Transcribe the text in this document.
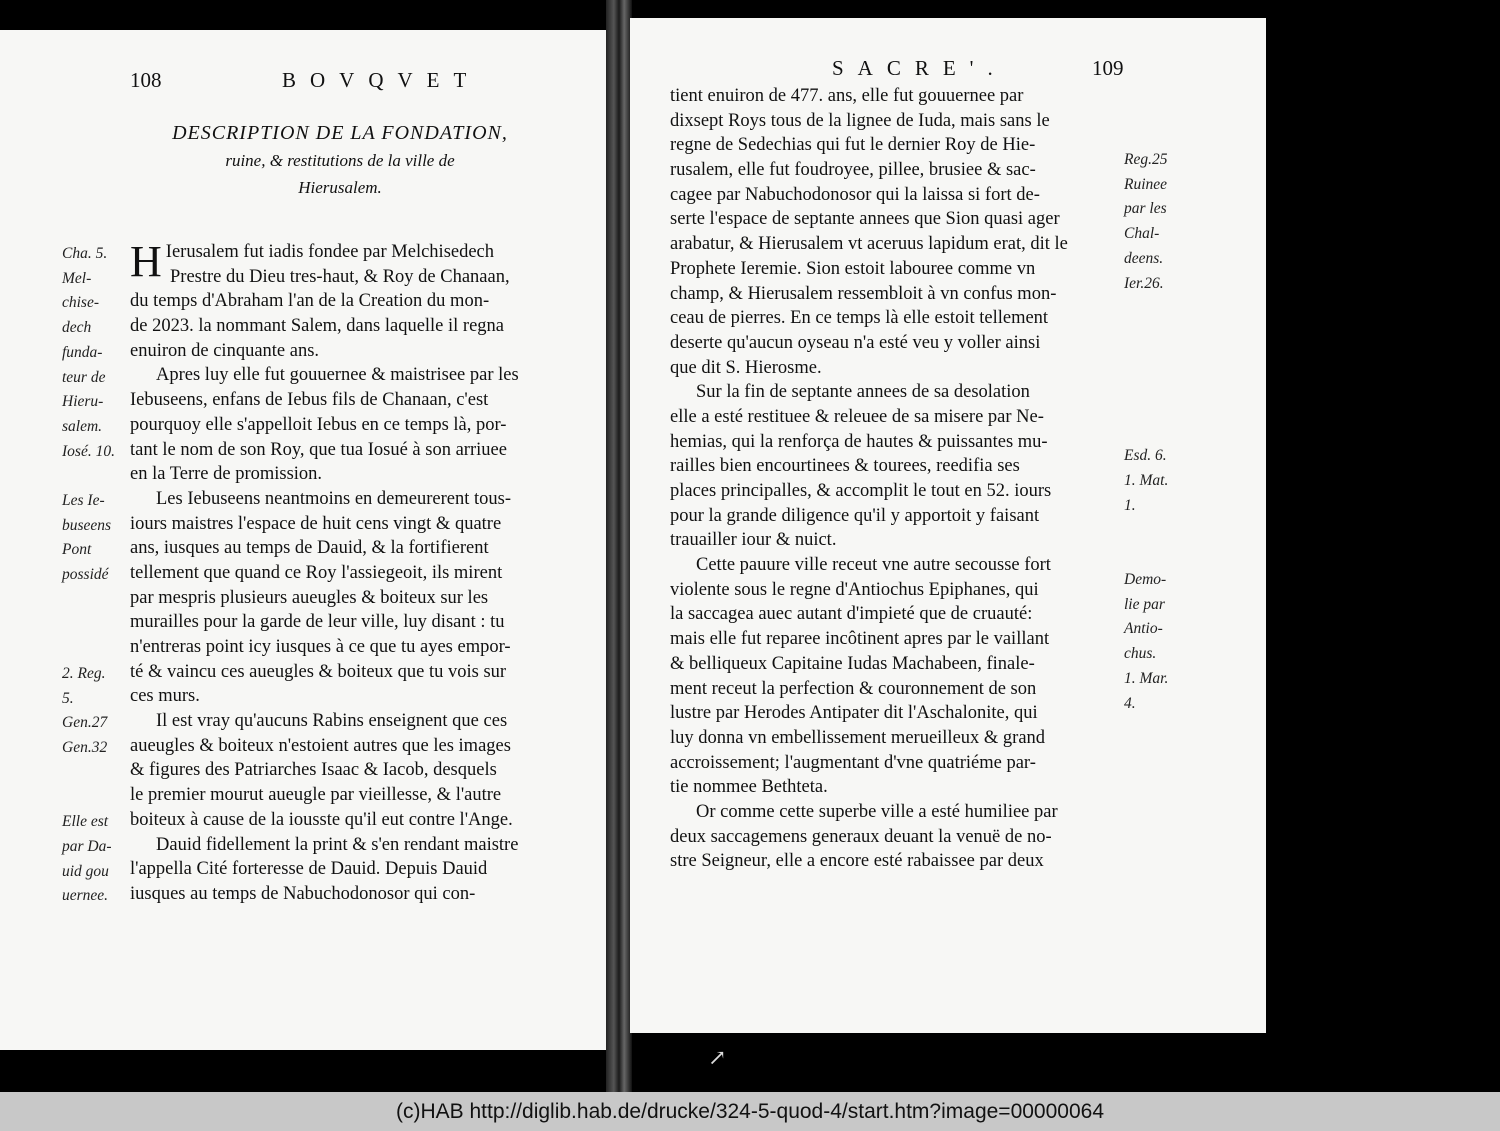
108	BOVQVET
DESCRIPTION DE LA FONDATION,
ruine, & restitutions de la ville de
Hierusalem.
Cha. 5.
Mel-
chise-
dech
funda-
teur de
Hieru-
salem.
Iosé. 10.
Les Ie-
buseens
Pont
possidé
2. Reg.
5.
Gen.27
Gen.32
Elle est
par Da-
uid gou
uernee.
H Ierusalem fut iadis fondee par Melchisedech
Prestre du Dieu tres-haut, & Roy de Chanaan,
du temps d'Abraham l'an de la Creation du mon-
de 2023. la nommant Salem, dans laquelle il regna
enuiron de cinquante ans.
Apres luy elle fut gouuernee & maistrisee par les
Iebuseens, enfans de Iebus fils de Chanaan, c'est
pourquoy elle s'appelloit Iebus en ce temps là, por-
tant le nom de son Roy, que tua Iosué à son arriuee
en la Terre de promission.
Les Iebuseens neantmoins en demeurerent tous-
iours maistres l'espace de huit cens vingt & quatre
ans, iusques au temps de Dauid, & la fortifierent
tellement que quand ce Roy l'assiegeoit, ils mirent
par mespris plusieurs aueugles & boiteux sur les
murailles pour la garde de leur ville, luy disant : tu
n'entreras point icy iusques à ce que tu ayes empor-
té & vaincu ces aueugles & boiteux que tu vois sur
ces murs.
Il est vray qu'aucuns Rabins enseignent que ces
aueugles & boiteux n'estoient autres que les images
& figures des Patriarches Isaac & Iacob, desquels
le premier mourut aueugle par vieillesse, & l'autre
boiteux à cause de la iousste qu'il eut contre l'Ange.
Dauid fidellement la print & s'en rendant maistre
l'appella Cité forteresse de Dauid. Depuis Dauid
iusques au temps de Nabuchodonosor qui con-
SACRE'.	109
Reg.25
Ruinee
par les
Chal-
deens.
Ier.26.
Esd. 6.
1. Mat.
1.
Demo-
lie par
Antio-
chus.
1. Mar.
4.
tient enuiron de 477. ans, elle fut gouuernee par
dixsept Roys tous de la lignee de Iuda, mais sans le
regne de Sedechias qui fut le dernier Roy de Hie-
rusalem, elle fut foudroyee, pillee, brusiee & sac-
cagee par Nabuchodonosor qui la laissa si fort de-
serte l'espace de septante annees que Sion quasi ager
arabatur, & Hierusalem vt aceruus lapidum erat, dit le
Prophete Ieremie. Sion estoit labouree comme vn
champ, & Hierusalem ressembloit à vn confus mon-
ceau de pierres. En ce temps là elle estoit tellement
deserte qu'aucun oyseau n'a esté veu y voller ainsi
que dit S. Hierosme.
Sur la fin de septante annees de sa desolation
elle a esté restituee & releuee de sa misere par Ne-
hemias, qui la renforça de hautes & puissantes mu-
railles bien encourtinees & tourees, reedifia ses
places principalles, & accomplit le tout en 52. iours
pour la grande diligence qu'il y apportoit y faisant
trauailler iour & nuict.
Cette pauure ville receut vne autre secousse fort
violente sous le regne d'Antiochus Epiphanes, qui
la saccagea auec autant d'impieté que de cruauté:
mais elle fut reparee incôtinent apres par le vaillant
& belliqueux Capitaine Iudas Machabeen, finale-
ment receut la perfection & couronnement de son
lustre par Herodes Antipater dit l'Aschalonite, qui
luy donna vn embellissement merueilleux & grand
accroissement; l'augmentant d'vne quatriéme par-
tie nommee Bethteta.
Or comme cette superbe ville a esté humiliee par
deux saccagemens generaux deuant la venuë de no-
stre Seigneur, elle a encore esté rabaissee par deux
↗
(c)HAB http://diglib.hab.de/drucke/324-5-quod-4/start.htm?image=00000064
